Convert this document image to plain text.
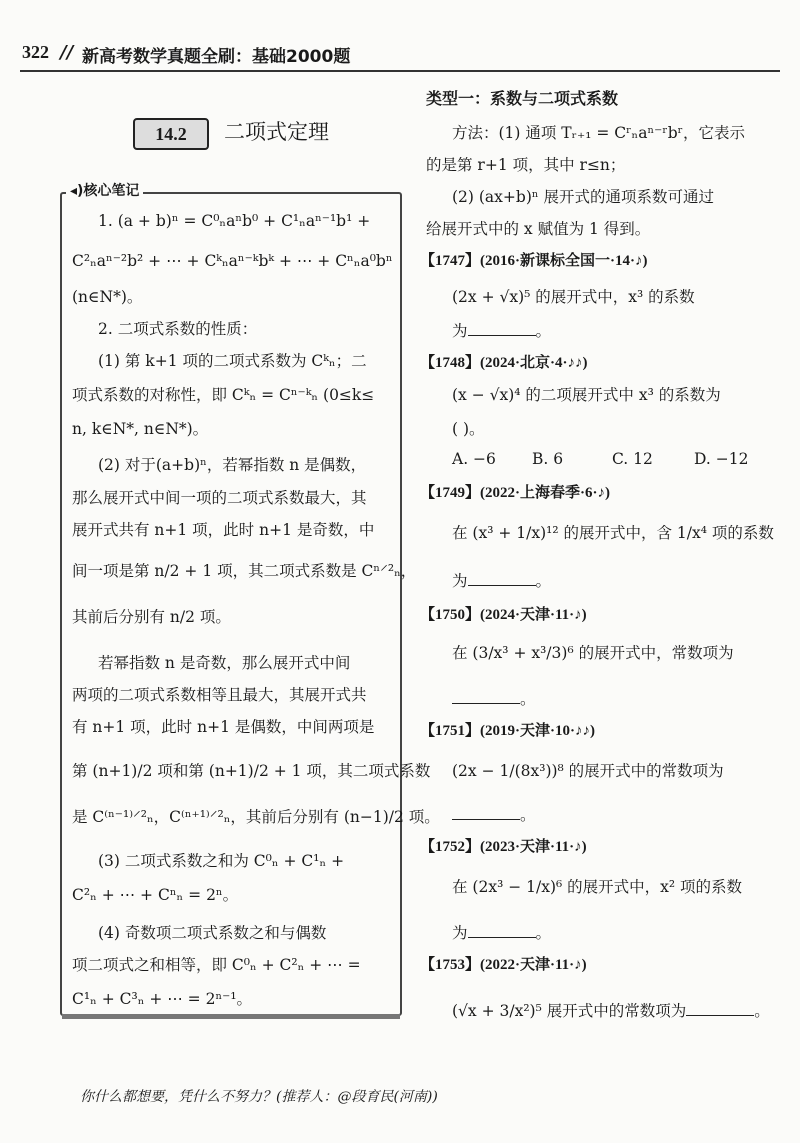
322 // 新高考数学真题全刷：基础2000题
14.2	二项式定理
◂)核心笔记
1. (a + b)ⁿ = C⁰ₙaⁿb⁰ + C¹ₙaⁿ⁻¹b¹ +
C²ₙaⁿ⁻²b² + ⋯ + Cᵏₙaⁿ⁻ᵏbᵏ + ⋯ + Cⁿₙa⁰bⁿ
(n∈N*)。
2. 二项式系数的性质：
(1) 第 k+1 项的二项式系数为 Cᵏₙ；二
项式系数的对称性，即 Cᵏₙ = Cⁿ⁻ᵏₙ (0≤k≤
n, k∈N*, n∈N*)。
(2) 对于(a+b)ⁿ，若幂指数 n 是偶数，
那么展开式中间一项的二项式系数最大，其
展开式共有 n+1 项，此时 n+1 是奇数，中
间一项是第 n/2 + 1 项，其二项式系数是 Cⁿ⸍²ₙ，
其前后分别有 n/2 项。
若幂指数 n 是奇数，那么展开式中间
两项的二项式系数相等且最大，其展开式共
有 n+1 项，此时 n+1 是偶数，中间两项是
第 (n+1)/2 项和第 (n+1)/2 + 1 项，其二项式系数
是 C⁽ⁿ⁻¹⁾⸍²ₙ，C⁽ⁿ⁺¹⁾⸍²ₙ，其前后分别有 (n−1)/2 项。
(3) 二项式系数之和为 C⁰ₙ + C¹ₙ +
C²ₙ + ⋯ + Cⁿₙ = 2ⁿ。
(4) 奇数项二项式系数之和与偶数
项二项式之和相等，即 C⁰ₙ + C²ₙ + ⋯ =
C¹ₙ + C³ₙ + ⋯ = 2ⁿ⁻¹。
类型一：系数与二项式系数
方法：(1) 通项 Tᵣ₊₁ = Cʳₙaⁿ⁻ʳbʳ，它表示
的是第 r+1 项，其中 r≤n；
(2) (ax+b)ⁿ 展开式的通项系数可通过
给展开式中的 x 赋值为 1 得到。
【1747】(2016·新课标全国一·14·♪)
(2x + √x)⁵ 的展开式中，x³ 的系数
为	。
【1748】(2024·北京·4·♪♪)
(x − √x)⁴ 的二项展开式中 x³ 的系数为
( )。
A. −6 B. 6	C. 12	D. −12
【1749】(2022·上海春季·6·♪)
在 (x³ + 1/x)¹² 的展开式中，含 1/x⁴ 项的系数
为	。
【1750】(2024·天津·11·♪)
在 (3/x³ + x³/3)⁶ 的展开式中，常数项为
。
【1751】(2019·天津·10·♪♪)
(2x − 1/(8x³))⁸ 的展开式中的常数项为
。
【1752】(2023·天津·11·♪)
在 (2x³ − 1/x)⁶ 的展开式中，x² 项的系数
为	。
【1753】(2022·天津·11·♪)
(√x + 3/x²)⁵ 展开式中的常数项为	。
你什么都想要，凭什么不努力？(推荐人：@段育民(河南))
